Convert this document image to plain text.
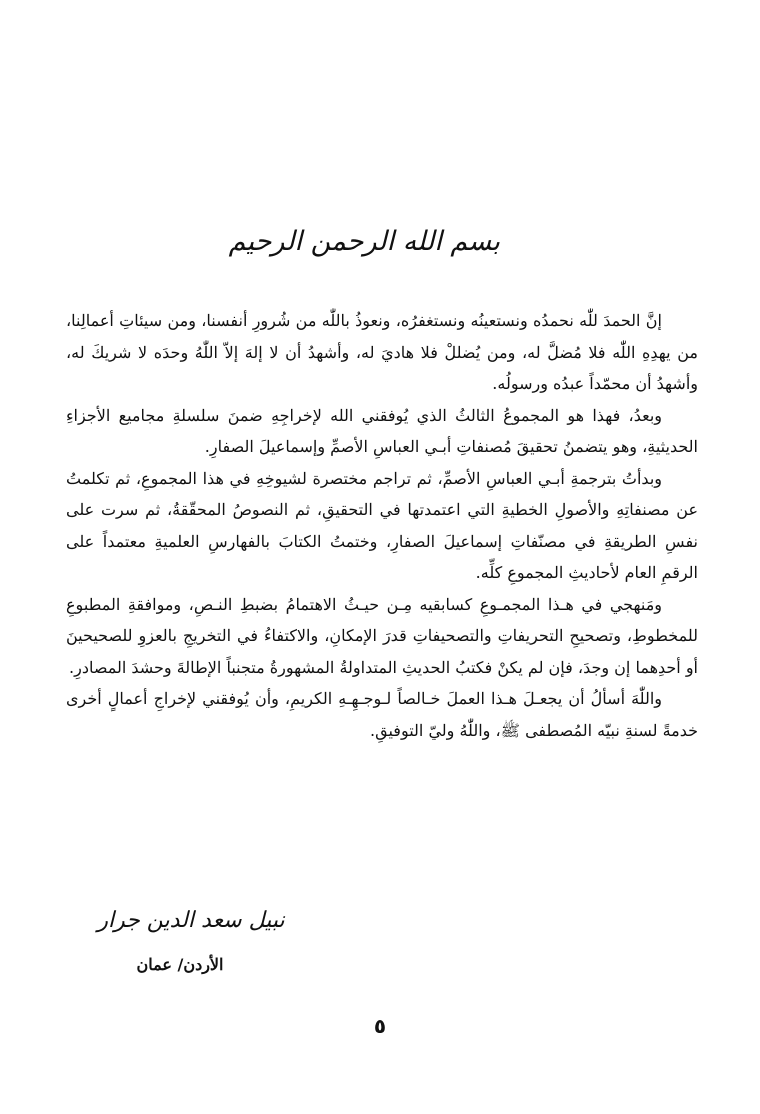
بسم الله الرحمن الرحيم

إنَّ الحمدَ للّٰه نحمدُه ونستعينُه ونستغفرُه، ونعوذُ باللّٰه من شُرورِ أنفسنا، ومن سيئاتِ أعمالِنا، من يهدِهِ اللّٰه فلا مُضلَّ له، ومن يُضللْ فلا هاديَ له، وأشهدُ أن لا إلهَ إلاّ اللّٰهُ وحدَه لا شريكَ له، وأشهدُ أن محمّداً عبدُه ورسولُه.

وبعدُ، فهذا هو المجموعُ الثالثُ الذي يُوفقني الله لإخراجِهِ ضمنَ سلسلةِ مجاميع الأجزاءِ الحديثيةِ، وهو يتضمنُ تحقيقَ مُصنفاتِ أبـي العباسِ الأصمِّ وإسماعيلَ الصفارِ.

وبدأتُ بترجمةِ أبـي العباسِ الأصمِّ، ثم تراجم مختصرة لشيوخِهِ في هذا المجموعِ، ثم تكلمتُ عن مصنفاتِهِ والأصولِ الخطيةِ التي اعتمدتها في التحقيقِ، ثم النصوصُ المحقّقةُ، ثم سرت على نفسِ الطريقةِ في مصنّفاتِ إسماعيلَ الصفارِ، وختمتُ الكتابَ بالفهارسِ العلميةِ معتمداً على الرقمِ العام لأحاديثِ المجموعِ كلِّه.

ومَنهجي في هـذا المجمـوعِ كسابقيه مِـن حيـثُ الاهتمامُ بضبطِ النـصِ، وموافقةِ المطبوعِ للمخطوطِ، وتصحيحِ التحريفاتِ والتصحيفاتِ قدرَ الإمكانِ، والاكتفاءُ في التخريجِ بالعزوِ للصحيحينَ أو أحدِهما إن وجدَ، فإن لم يكنْ فكتبُ الحديثِ المتداولةُ المشهورةُ متجنباً الإطالةَ وحشدَ المصادرِ.

واللّٰهَ أسألُ أن يجعـلَ هـذا العملَ خـالصاً لـوجـهِـهِ الكريمِ، وأن يُوفقني لإخراجِ أعمالٍ أخرى خدمةً لسنةِ نبيّه المُصطفى ﷺ، واللّٰهُ وليّ التوفيقِ.

نبيل سعد الدين جرار
الأردن/ عمان
٥
